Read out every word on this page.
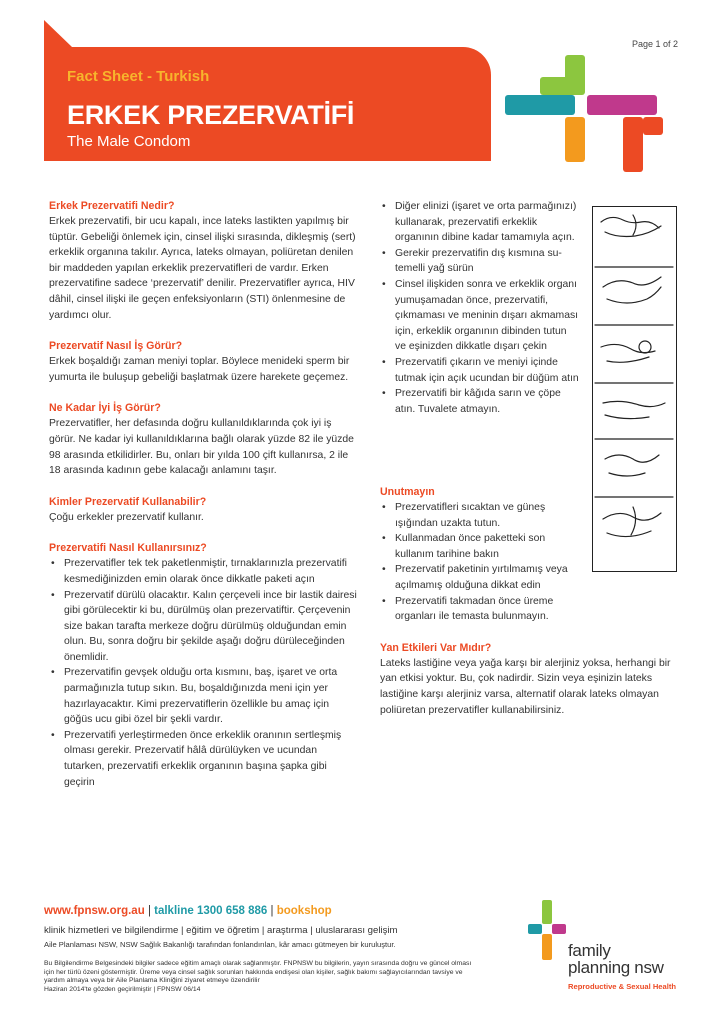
Page 1 of 2
Fact Sheet - Turkish
ERKEK PREZERVATİFİ
The Male Condom
Erkek Prezervatifi Nedir?

Erkek prezervatifi, bir ucu kapalı, ince lateks lastikten yapılmış bir tüptür. Gebeliği önlemek için, cinsel ilişki sırasında, dikleşmiş (sert) erkeklik organına takılır. Ayrıca, lateks olmayan, poliüretan denilen bir maddeden yapılan erkeklik prezervatifleri de vardır. Erken prezervatifine sadece ‘prezervatif’ denilir. Prezervatifler ayrıca, HIV dâhil, cinsel ilişki ile geçen enfeksiyonların (STI) önlenmesine de yardımcı olur.

Prezervatif Nasıl İş Görür?

Erkek boşaldığı zaman meniyi toplar. Böylece menideki sperm bir yumurta ile buluşup gebeliği başlatmak üzere harekete geçemez.

Ne Kadar İyi İş Görür?

Prezervatifler, her defasında doğru kullanıldıklarında çok iyi iş görür. Ne kadar iyi kullanıldıklarına bağlı olarak yüzde 82 ile yüzde 98 arasında etkilidirler. Bu, onları bir yılda 100 çift kullanırsa, 2 ile 18 arasında kadının gebe kalacağı anlamını taşır.

Kimler Prezervatif Kullanabilir?

Çoğu erkekler prezervatif kullanır.

Prezervatifi Nasıl Kullanırsınız?
• Prezervatifler tek tek paketlenmiştir, tırnaklarınızla prezervatifi kesmediğinizden emin olarak önce dikkatle paketi açın
• Prezervatif dürülü olacaktır. Kalın çerçeveli ince bir lastik dairesi gibi görülecektir ki bu, dürülmüş olan prezervatiftir. Çerçevenin size bakan tarafta merkeze doğru dürülmüş olduğundan emin olun. Bu, sonra doğru bir şekilde aşağı doğru dürüleceğinden önemlidir.
• Prezervatifin gevşek olduğu orta kısmını, baş, işaret ve orta parmağınızla tutup sıkın. Bu, boşaldığınızda meni için yer hazırlayacaktır. Kimi prezervatiflerin özellikle bu amaç için göğüs ucu gibi özel bir şekli vardır.
• Prezervatifi yerleştirmeden önce erkeklik oranının sertleşmiş olması gerekir. Prezervatif hâlâ dürülüyken ve ucundan tutarken, prezervatifi erkeklik organının başına şapka gibi geçirin
• Diğer elinizi (işaret ve orta parmağınızı) kullanarak, prezervatifi erkeklik organının dibine kadar tamamıyla açın.
• Gerekir prezervatifin dış kısmına su-temelli yağ sürün
• Cinsel ilişkiden sonra ve erkeklik organı yumuşamadan önce, prezervatifi, çıkmaması ve meninin dışarı akmaması için, erkeklik organının dibinden tutun ve eşinizden dikkatle dışarı çekin
• Prezervatifi çıkarın ve meniyi içinde tutmak için açık ucundan bir düğüm atın
• Prezervatifi bir kâğıda sarın ve çöpe atın. Tuvalete atmayın.
Unutmayın
• Prezervatifleri sıcaktan ve güneş ışığından uzakta tutun.
• Kullanmadan önce paketteki son kullanım tarihine bakın
• Prezervatif paketinin yırtılmamış veya açılmamış olduğuna dikkat edin
• Prezervatifi takmadan önce üreme organları ile temasta bulunmayın.
Yan Etkileri Var Mıdır?

Lateks lastiğine veya yağa karşı bir alerjiniz yoksa, herhangi bir yan etkisi yoktur. Bu, çok nadirdir. Sizin veya eşinizin lateks lastiğine karşı alerjiniz varsa, alternatif olarak lateks olmayan poliüretan prezervatifler kullanabilirsiniz.

www.fpnsw.org.au | talkline 1300 658 886 | bookshop
klinik hizmetleri ve bilgilendirme | eğitim ve öğretim | araştırma | uluslararası gelişim
Aile Planlaması NSW, NSW Sağlık Bakanlığı tarafından fonlandırılan, kâr amacı gütmeyen bir kuruluştur.
Bu Bilgilendirme Belgesindeki bilgiler sadece eğitim amaçlı olarak sağlanmıştır. FNPNSW bu bilgilerin, yayın sırasında doğru ve güncel olması için her türlü özeni göstermiştir. Üreme veya cinsel sağlık sorunları hakkında endişesi olan kişiler, sağlık bakımı sağlayıcılarından tavsiye ve yardım almaya veya bir Aile Planlama Kliniğini ziyaret etmeye özendirilir
Haziran 2014'te gözden geçirilmiştir | FPNSW 06/14
family
planning nsw
Reproductive & Sexual Health
